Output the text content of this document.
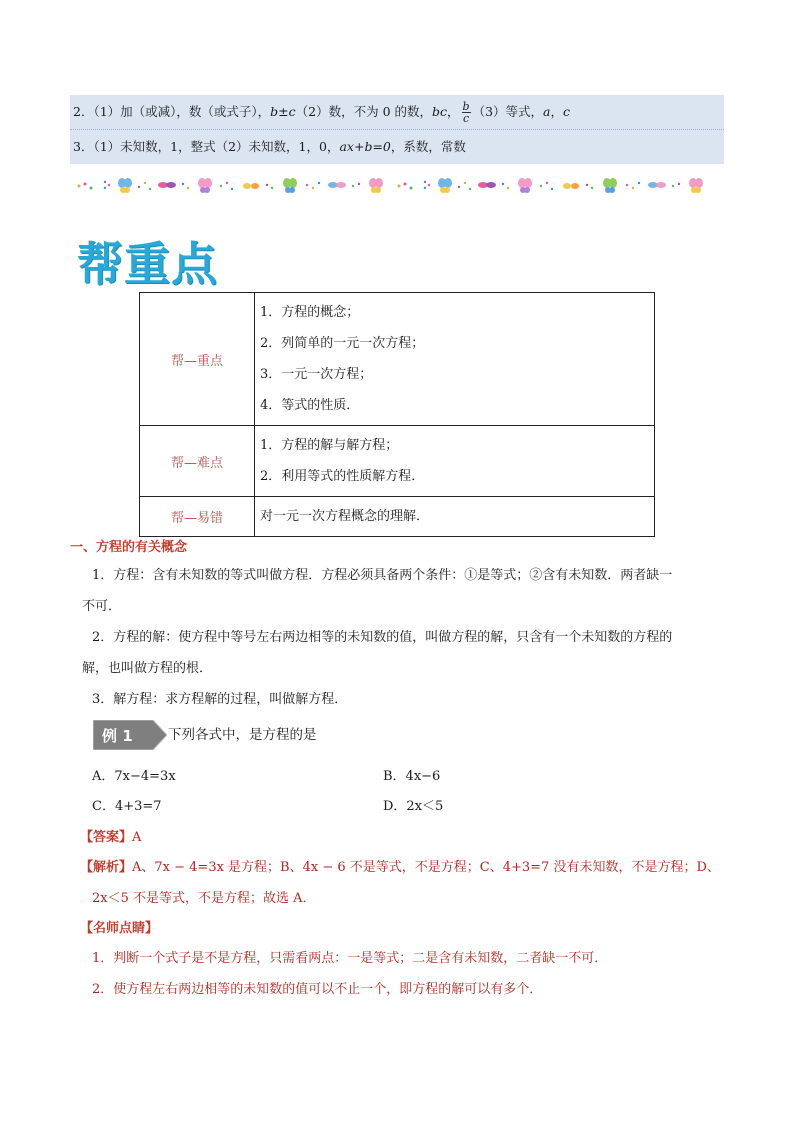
2．（1）加（或减），数（或式子），b±c（2）数，不为 0 的数，bc， $\frac{b}{c} (3)$等式，a，c
3．（1）未知数，1，整式（2）未知数，1，0，ax+b=0，系数，常数
帮重点
帮—重点	1．方程的概念；
2．列简单的一元一次方程；
3．一元一次方程；
4．等式的性质．

帮—难点	1．方程的解与解方程；
2．利用等式的性质解方程．

帮—易错	对一元一次方程概念的理解．
一、方程的有关概念
1．方程：含有未知数的等式叫做方程．方程必须具备两个条件：①是等式；②含有未知数．两者缺一
不可．
2．方程的解：使方程中等号左右两边相等的未知数的值，叫做方程的解，只含有一个未知数的方程的
解，也叫做方程的根．
3．解方程：求方程解的过程，叫做解方程．
例 1	下列各式中，是方程的是
A．7x−4=3x	B．4x−6
C．4+3=7	D．2x＜5
【答案】A
【解析】A、7x − 4=3x 是方程；B、4x − 6 不是等式，不是方程；C、4+3=7 没有未知数，不是方程；D、
2x＜5 不是等式，不是方程；故选 A．
【名师点睛】
1．判断一个式子是不是方程，只需看两点：一是等式；二是含有未知数，二者缺一不可．
2．使方程左右两边相等的未知数的值可以不止一个，即方程的解可以有多个．
